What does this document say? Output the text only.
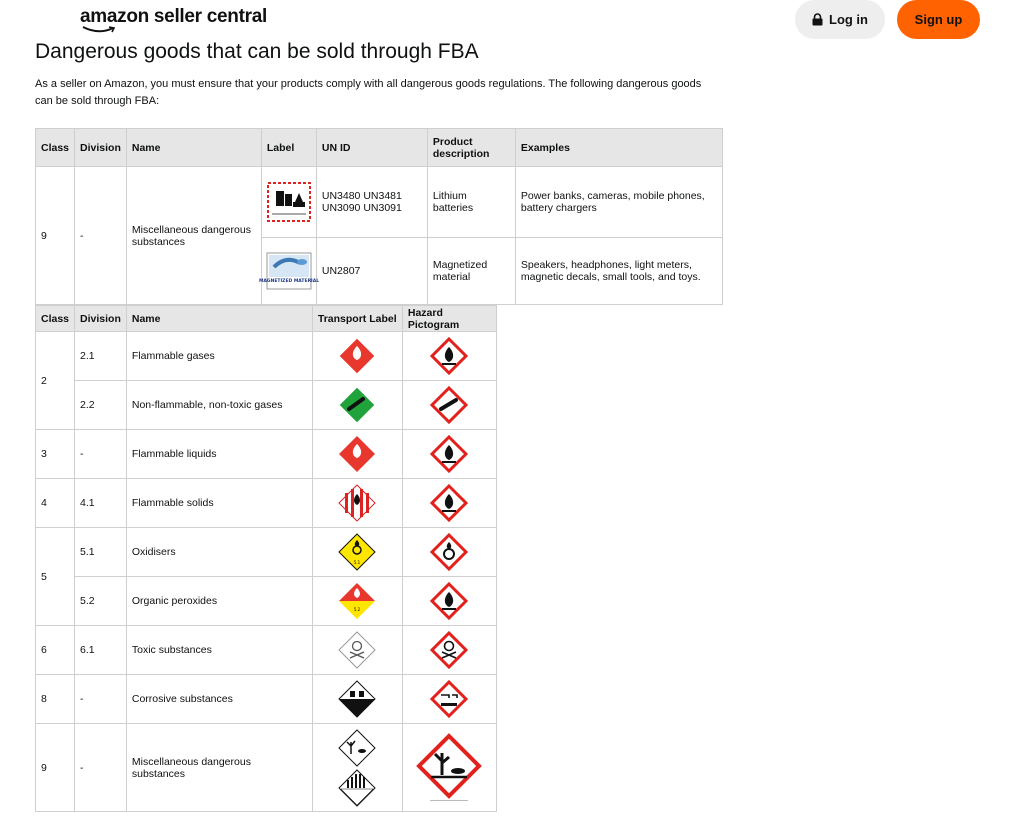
amazon seller central	Log in	Sign up
Dangerous goods that can be sold through FBA

As a seller on Amazon, you must ensure that your products comply with all dangerous goods regulations. The following dangerous goods can be sold through FBA:

Class	Division	Name	Label	UN ID	Product description	Examples
9	-	Miscellaneous dangerous substances		UN3480 UN3481 UN3090 UN3091	Lithium batteries	Power banks, cameras, mobile phones, battery chargers

MAGNETIZED MATERIAL	UN2807	Magnetized material	Speakers, headphones, light meters, magnetic decals, small tools, and toys.
Class	Division	Name	Transport Label	Hazard Pictogram
2	2.1	Flammable gases	

	2.2	Non-flammable, non-toxic gases	

3	-	Flammable liquids	

4	4.1	Flammable solids	

5	5.1	Oxidisers	5.1

	5.2	Organic peroxides	5.2

6	6.1	Toxic substances	

8	-	Corrosive substances	

9	-	Miscellaneous dangerous substances	
